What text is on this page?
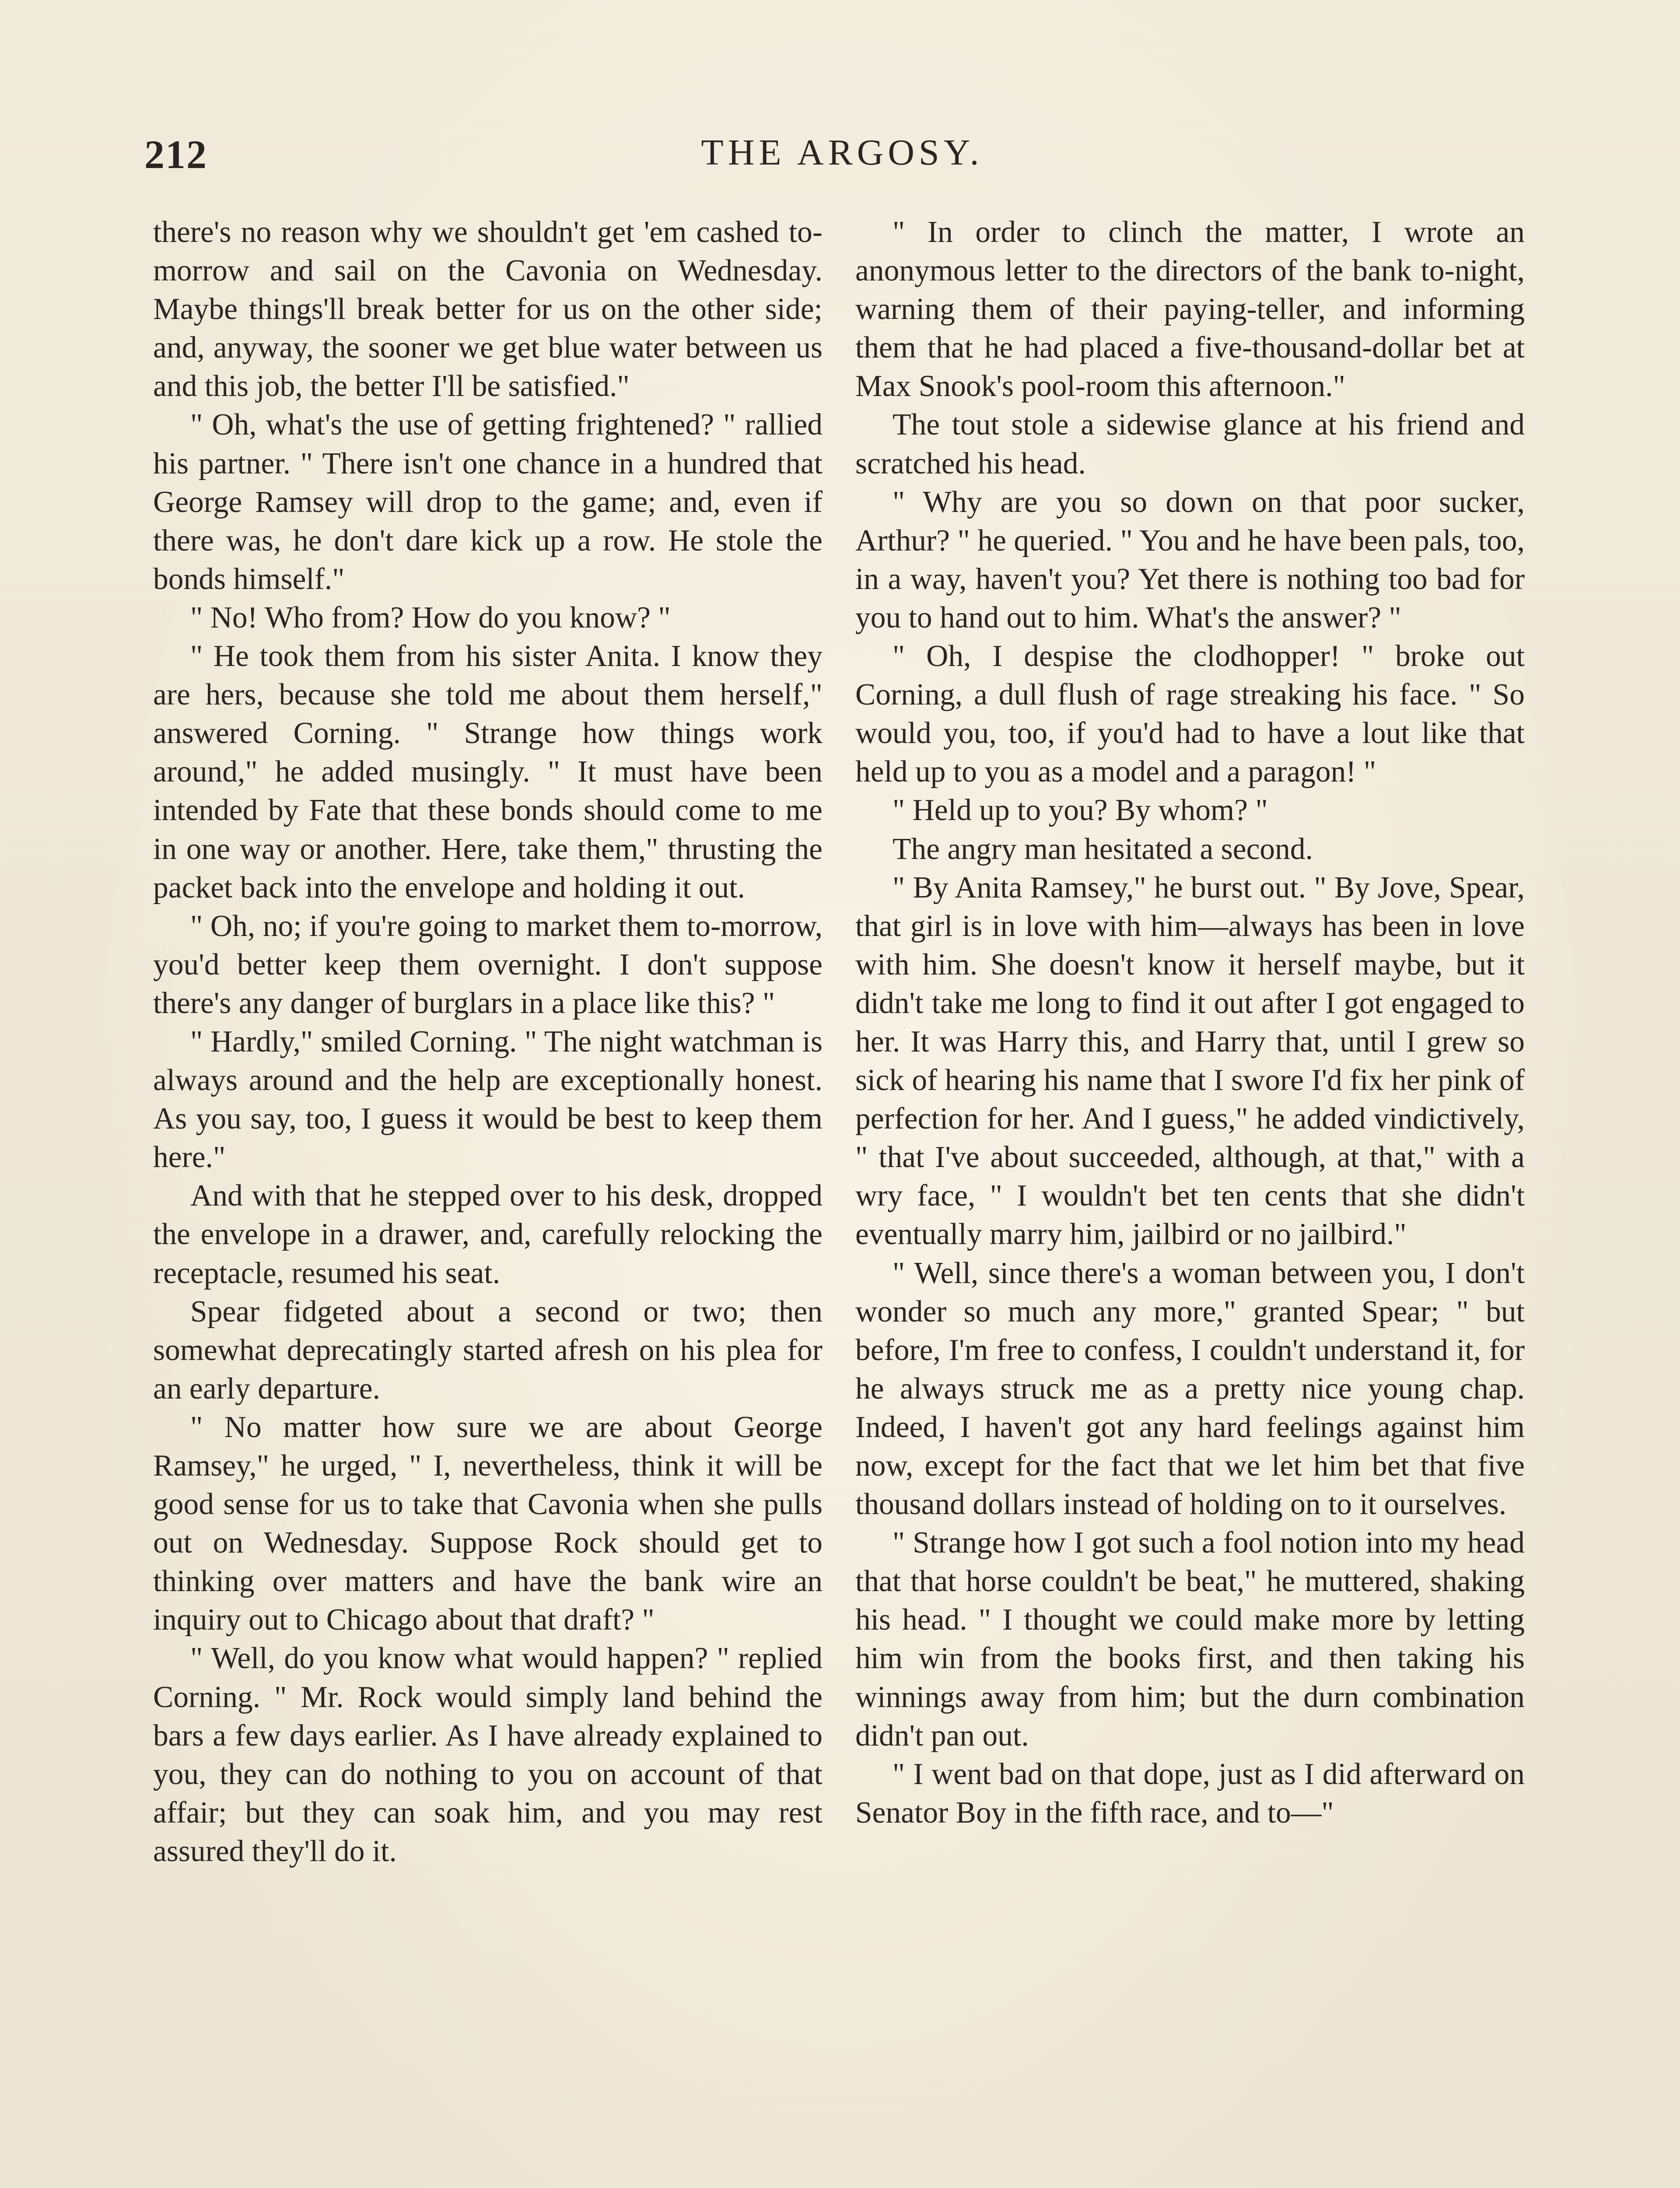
212	THE ARGOSY.

there's no reason why we shouldn't get 'em cashed to-morrow and sail on the Cavonia on Wednesday. Maybe things'll break better for us on the other side; and, anyway, the sooner we get blue water between us and this job, the better I'll be satisfied."

" Oh, what's the use of getting frightened? " rallied his partner. " There isn't one chance in a hundred that George Ramsey will drop to the game; and, even if there was, he don't dare kick up a row. He stole the bonds himself."

" No! Who from? How do you know? "

" He took them from his sister Anita. I know they are hers, because she told me about them herself," answered Corning. " Strange how things work around," he added musingly. " It must have been intended by Fate that these bonds should come to me in one way or another. Here, take them," thrusting the packet back into the envelope and holding it out.

" Oh, no; if you're going to market them to-morrow, you'd better keep them overnight. I don't suppose there's any danger of burglars in a place like this? "

" Hardly," smiled Corning. " The night watchman is always around and the help are exceptionally honest. As you say, too, I guess it would be best to keep them here."

And with that he stepped over to his desk, dropped the envelope in a drawer, and, carefully relocking the receptacle, resumed his seat.

Spear fidgeted about a second or two; then somewhat deprecatingly started afresh on his plea for an early departure.

" No matter how sure we are about George Ramsey," he urged, " I, nevertheless, think it will be good sense for us to take that Cavonia when she pulls out on Wednesday. Suppose Rock should get to thinking over matters and have the bank wire an inquiry out to Chicago about that draft? "

" Well, do you know what would happen? " replied Corning. " Mr. Rock would simply land behind the bars a few days earlier. As I have already explained to you, they can do nothing to you on account of that affair; but they can soak him, and you may rest assured they'll do it.

" In order to clinch the matter, I wrote an anonymous letter to the directors of the bank to-night, warning them of their paying-teller, and informing them that he had placed a five-thousand-dollar bet at Max Snook's pool-room this afternoon."

The tout stole a sidewise glance at his friend and scratched his head.

" Why are you so down on that poor sucker, Arthur? " he queried. " You and he have been pals, too, in a way, haven't you? Yet there is nothing too bad for you to hand out to him. What's the answer? "

" Oh, I despise the clodhopper! " broke out Corning, a dull flush of rage streaking his face. " So would you, too, if you'd had to have a lout like that held up to you as a model and a paragon! "

" Held up to you? By whom? "

The angry man hesitated a second.

" By Anita Ramsey," he burst out. " By Jove, Spear, that girl is in love with him—always has been in love with him. She doesn't know it herself maybe, but it didn't take me long to find it out after I got engaged to her. It was Harry this, and Harry that, until I grew so sick of hearing his name that I swore I'd fix her pink of perfection for her. And I guess," he added vindictively, " that I've about succeeded, although, at that," with a wry face, " I wouldn't bet ten cents that she didn't eventually marry him, jailbird or no jailbird."

" Well, since there's a woman between you, I don't wonder so much any more," granted Spear; " but before, I'm free to confess, I couldn't understand it, for he always struck me as a pretty nice young chap. Indeed, I haven't got any hard feelings against him now, except for the fact that we let him bet that five thousand dollars instead of holding on to it ourselves.

" Strange how I got such a fool notion into my head that that horse couldn't be beat," he muttered, shaking his head. " I thought we could make more by letting him win from the books first, and then taking his winnings away from him; but the durn combination didn't pan out.

" I went bad on that dope, just as I did afterward on Senator Boy in the fifth race, and to—"
